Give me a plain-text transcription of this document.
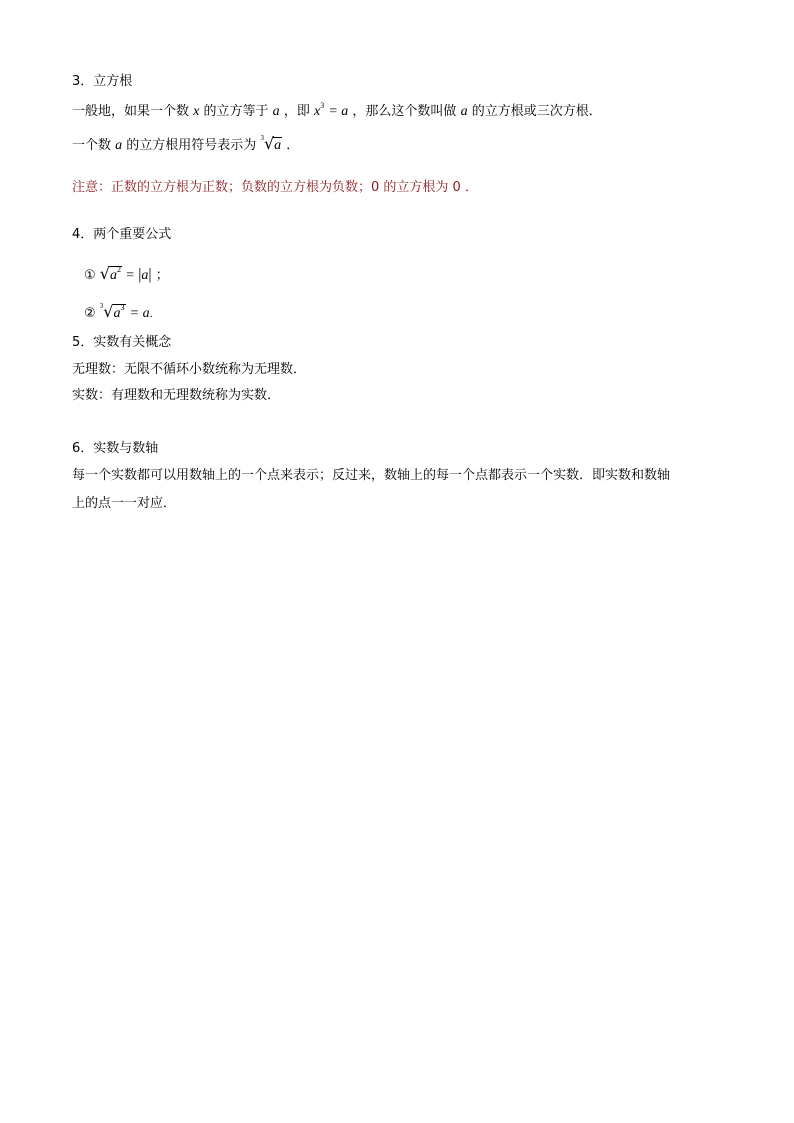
3．立方根
一般地，如果一个数 x 的立方等于 a ，即 $x^3 = a$ ，那么这个数叫做 a 的立方根或三次方根．
一个数 a 的立方根用符号表示为 $^3$√a ．
注意：正数的立方根为正数；负数的立方根为负数；0 的立方根为 0 ．
4．两个重要公式
① $√a^2 = |a|$ ；
② $^3√a^3 = a$.
5．实数有关概念
无理数：无限不循环小数统称为无理数．
实数：有理数和无理数统称为实数．
6．实数与数轴
每一个实数都可以用数轴上的一个点来表示；反过来，数轴上的每一个点都表示一个实数．即实数和数轴
上的点一一对应．
